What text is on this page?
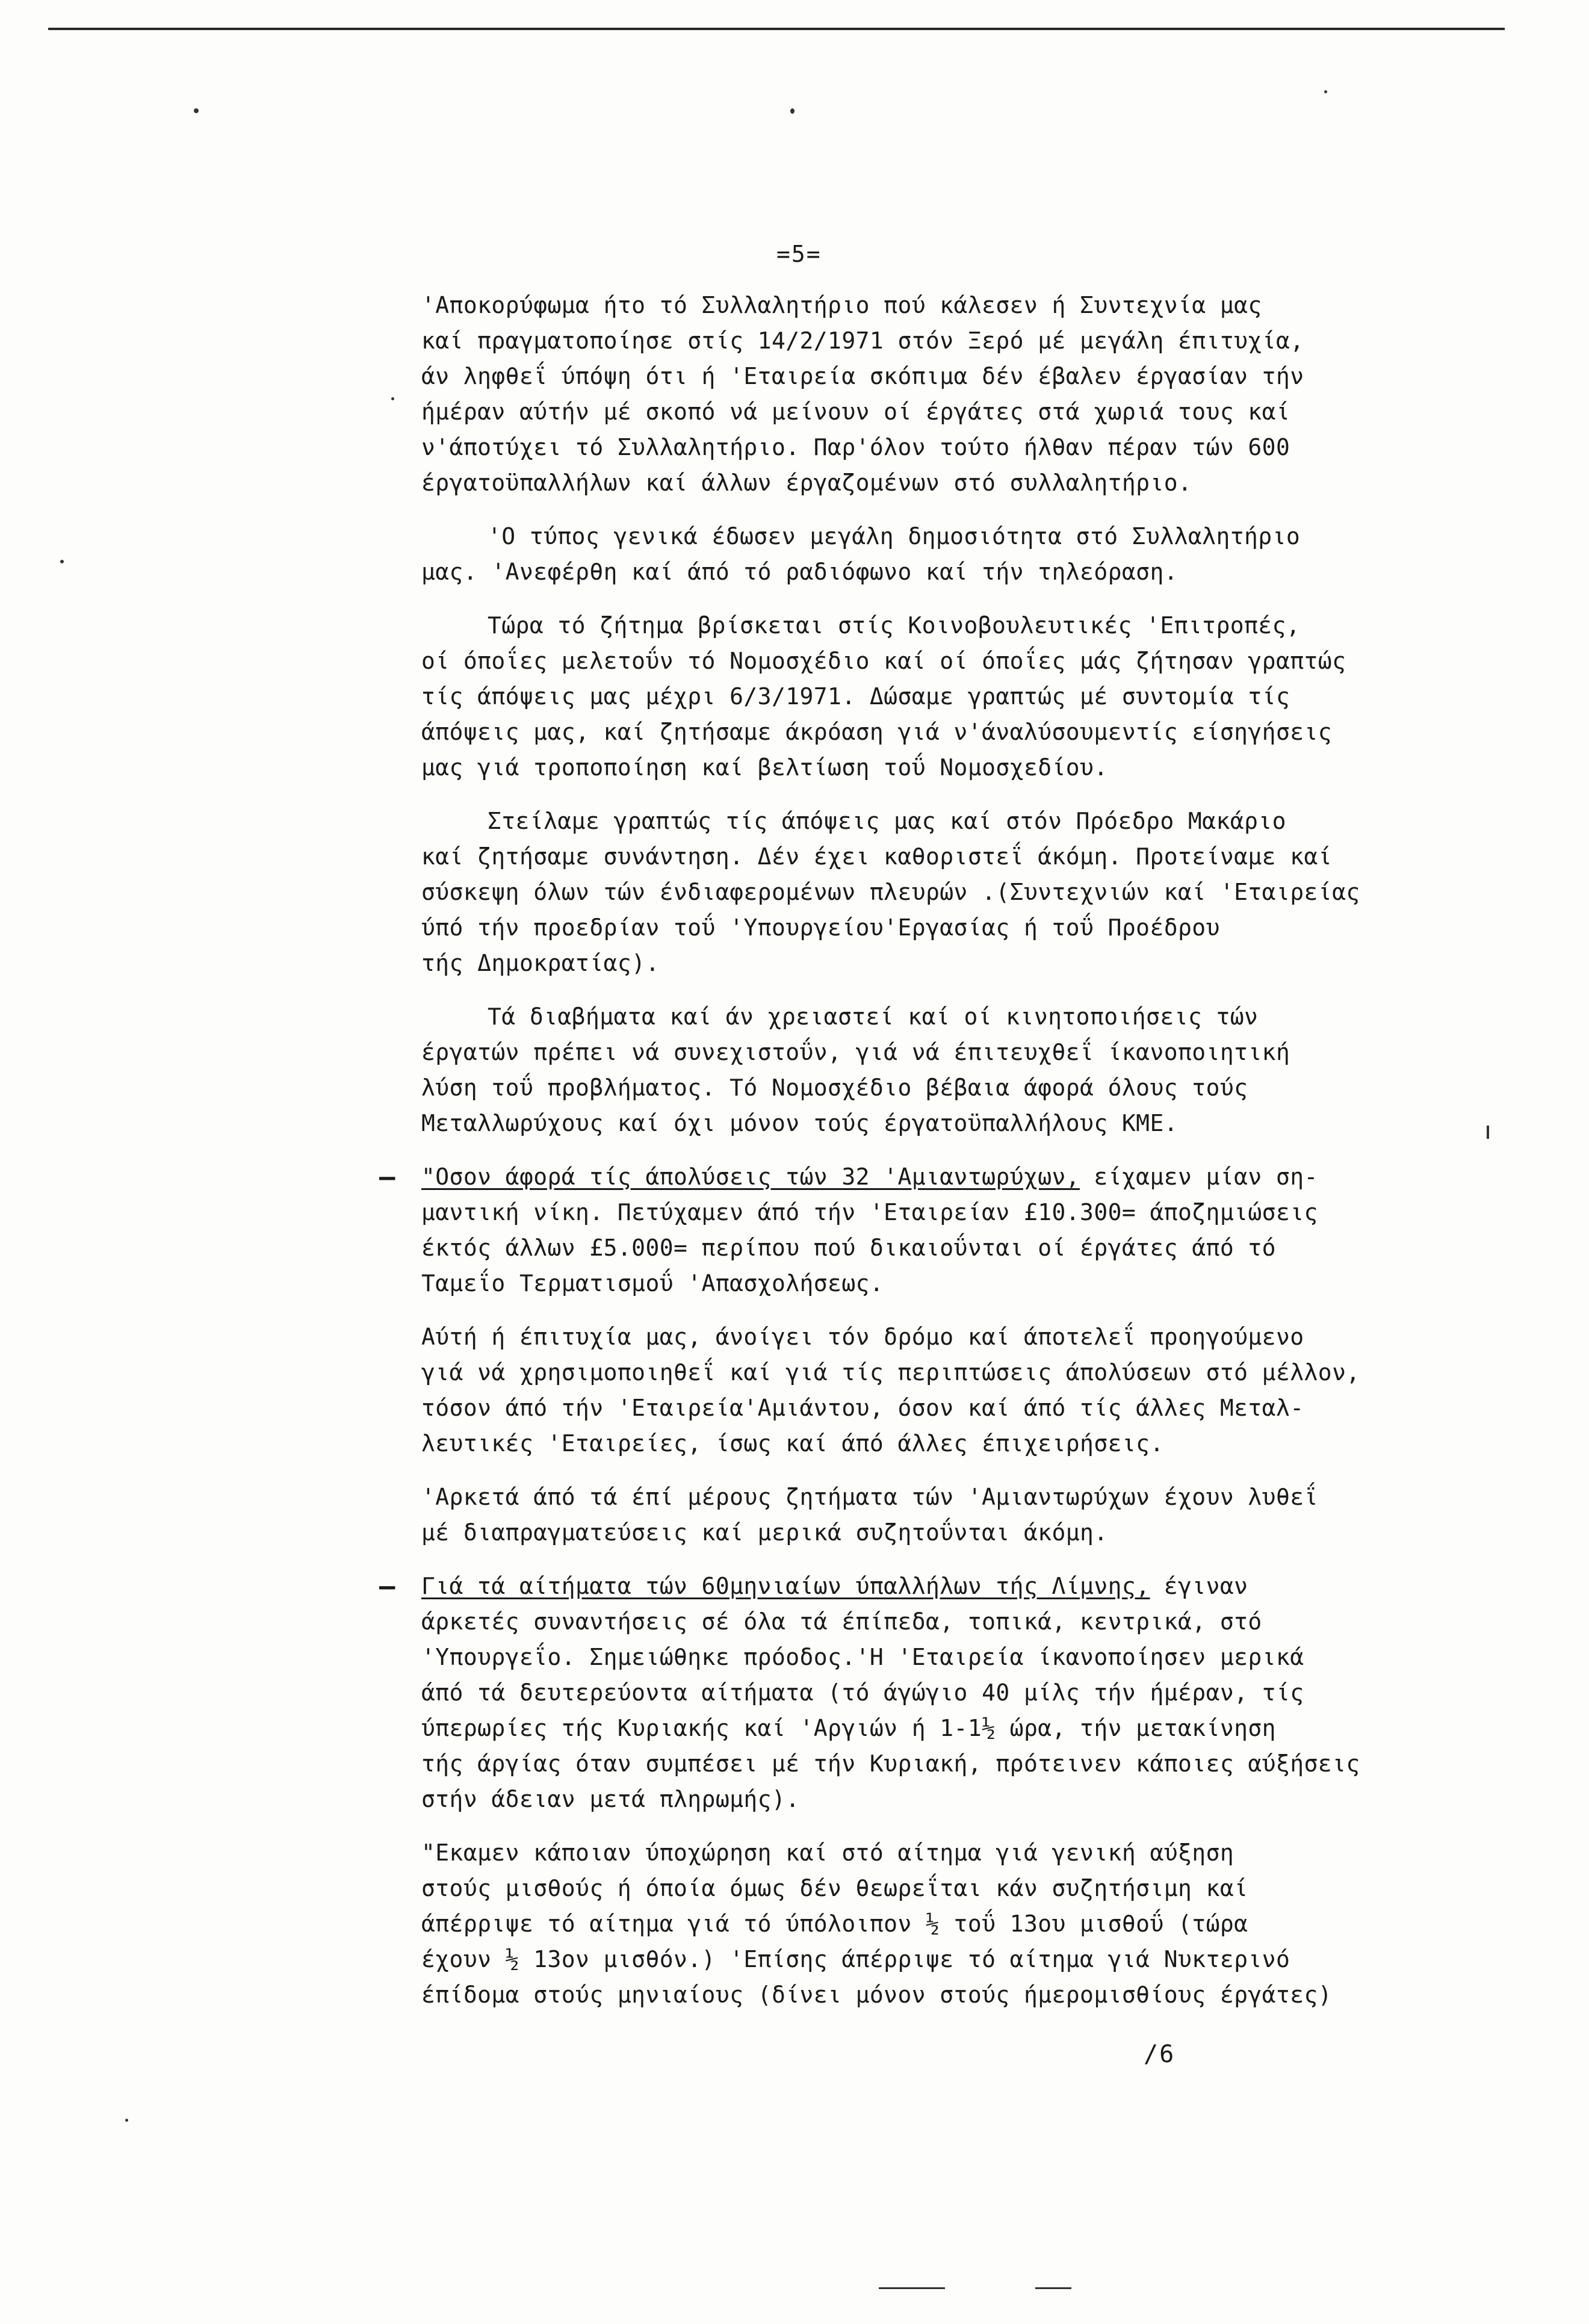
=5=

'Αποκορύφωμα ήτο τό Συλλαλητήριο πού κάλεσεν ή Συντεχνία μας
καί πραγματοποίησε στίς 14/2/1971 στόν Ξερό μέ μεγάλη έπιτυχία,
άν ληφθεΐ ύπόψη ότι ή 'Εταιρεία σκόπιμα δέν έβαλεν έργασίαν τήν
ήμέραν αύτήν μέ σκοπό νά μείνουν οί έργάτες στά χωριά τους καί
ν'άποτύχει τό Συλλαλητήριο. Παρ'όλον τούτο ήλθαν πέραν τών 600
έργατοϋπαλλήλων καί άλλων έργαζομένων στό συλλαλητήριο.

'Ο τύπος γενικά έδωσεν μεγάλη δημοσιότητα στό Συλλαλητήριο
μας. 'Ανεφέρθη καί άπό τό ραδιόφωνο καί τήν τηλεόραση.

Τώρα τό ζήτημα βρίσκεται στίς Κοινοβουλευτικές 'Επιτροπές,
οί όποΐες μελετοΰν τό Νομοσχέδιο καί οί όποΐες μάς ζήτησαν γραπτώς
τίς άπόψεις μας μέχρι 6/3/1971. Δώσαμε γραπτώς μέ συντομία τίς
άπόψεις μας, καί ζητήσαμε άκρόαση γιά ν'άναλύσουμεντίς είσηγήσεις
μας γιά τροποποίηση καί βελτίωση τοΰ Νομοσχεδίου.

Στείλαμε γραπτώς τίς άπόψεις μας καί στόν Πρόεδρο Μακάριο
καί ζητήσαμε συνάντηση. Δέν έχει καθοριστεΐ άκόμη. Προτείναμε καί
σύσκεψη όλων τών ένδιαφερομένων πλευρών .(Συντεχνιών καί 'Εταιρείας
ύπό τήν προεδρίαν τοΰ 'Υπουργείου'Εργασίας ή τοΰ Προέδρου
τής Δημοκρατίας).

Τά διαβήματα καί άν χρειαστεί καί οί κινητοποιήσεις τών
έργατών πρέπει νά συνεχιστοΰν, γιά νά έπιτευχθεΐ ίκανοποιητική
λύση τοΰ προβλήματος. Τό Νομοσχέδιο βέβαια άφορά όλους τούς
Μεταλλωρύχους καί όχι μόνον τούς έργατοϋπαλλήλους ΚΜΕ.

– "Οσον άφορά τίς άπολύσεις τών 32 'Αμιαντωρύχων, είχαμεν μίαν ση-
μαντική νίκη. Πετύχαμεν άπό τήν 'Εταιρείαν £10.300= άποζημιώσεις
έκτός άλλων £5.000= περίπου πού δικαιοΰνται οί έργάτες άπό τό
Ταμεΐο Τερματισμοΰ 'Απασχολήσεως.

Αύτή ή έπιτυχία μας, άνοίγει τόν δρόμο καί άποτελεΐ προηγούμενο
γιά νά χρησιμοποιηθεΐ καί γιά τίς περιπτώσεις άπολύσεων στό μέλλον,
τόσον άπό τήν 'Εταιρεία'Αμιάντου, όσον καί άπό τίς άλλες Μεταλ-
λευτικές 'Εταιρείες, ίσως καί άπό άλλες έπιχειρήσεις.

'Αρκετά άπό τά έπί μέρους ζητήματα τών 'Αμιαντωρύχων έχουν λυθεΐ
μέ διαπραγματεύσεις καί μερικά συζητοΰνται άκόμη.

– Γιά τά αίτήματα τών 60μηνιαίων ύπαλλήλων τής Λίμνης, έγιναν
άρκετές συναντήσεις σέ όλα τά έπίπεδα, τοπικά, κεντρικά, στό
'Υπουργεΐο. Σημειώθηκε πρόοδος.'Η 'Εταιρεία ίκανοποίησεν μερικά
άπό τά δευτερεύοντα αίτήματα (τό άγώγιο 40 μίλς τήν ήμέραν, τίς
ύπερωρίες τής Κυριακής καί 'Αργιών ή 1-1½ ώρα, τήν μετακίνηση
τής άργίας όταν συμπέσει μέ τήν Κυριακή, πρότεινεν κάποιες αύξήσεις
στήν άδειαν μετά πληρωμής).

"Εκαμεν κάποιαν ύποχώρηση καί στό αίτημα γιά γενική αύξηση
στούς μισθούς ή όποία όμως δέν θεωρεΐται κάν συζητήσιμη καί
άπέρριψε τό αίτημα γιά τό ύπόλοιπον ½ τοΰ 13ου μισθοΰ (τώρα
έχουν ½ 13ον μισθόν.) 'Επίσης άπέρριψε τό αίτημα γιά Νυκτερινό
έπίδομα στούς μηνιαίους (δίνει μόνον στούς ήμερομισθίους έργάτες)

/6
